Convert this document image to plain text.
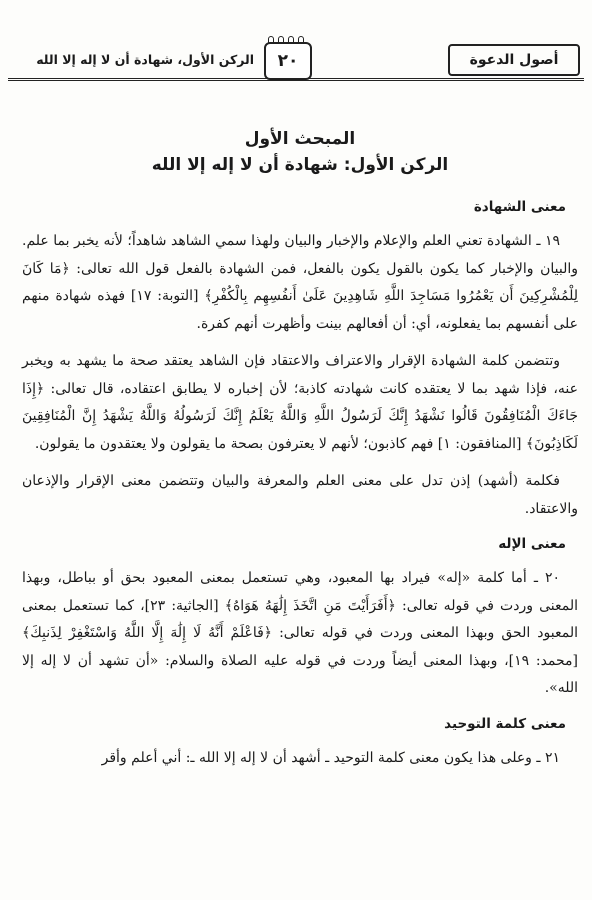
أصول الدعوة
٢٠
الركن الأول، شهادة أن لا إله إلا الله
المبحث الأول
الركن الأول: شهادة أن لا إله إلا الله
معنى الشهادة

١٩ ـ الشهادة تعني العلم والإعلام والإخبار والبيان ولهذا سمي الشاهد شاهداً؛ لأنه يخبر بما علم. والبيان والإخبار كما يكون بالقول يكون بالفعل، فمن الشهادة بالفعل قول الله تعالى: ﴿مَا كَانَ لِلْمُشْرِكِينَ أَن يَعْمُرُوا مَسَاجِدَ اللَّهِ شَاهِدِينَ عَلَىٰ أَنفُسِهِم بِالْكُفْرِ﴾ [التوبة: ١٧] فهذه شهادة منهم على أنفسهم بما يفعلونه، أي: أن أفعالهم بينت وأظهرت أنهم كفرة.

وتتضمن كلمة الشهادة الإقرار والاعتراف والاعتقاد فإن الشاهد يعتقد صحة ما يشهد به ويخبر عنه، فإذا شهد بما لا يعتقده كانت شهادته كاذبة؛ لأن إخباره لا يطابق اعتقاده، قال تعالى: ﴿إِذَا جَاءَكَ الْمُنَافِقُونَ قَالُوا نَشْهَدُ إِنَّكَ لَرَسُولُ اللَّهِ وَاللَّهُ يَعْلَمُ إِنَّكَ لَرَسُولُهُ وَاللَّهُ يَشْهَدُ إِنَّ الْمُنَافِقِينَ لَكَاذِبُونَ﴾ [المنافقون: ١] فهم كاذبون؛ لأنهم لا يعترفون بصحة ما يقولون ولا يعتقدون ما يقولون.

فكلمة (أشهد) إذن تدل على معنى العلم والمعرفة والبيان وتتضمن معنى الإقرار والإذعان والاعتقاد.

معنى الإله

٢٠ ـ أما كلمة «إله» فيراد بها المعبود، وهي تستعمل بمعنى المعبود بحق أو بباطل، وبهذا المعنى وردت في قوله تعالى: ﴿أَفَرَأَيْتَ مَنِ اتَّخَذَ إِلَٰهَهُ هَوَاهُ﴾ [الجاثية: ٢٣]، كما تستعمل بمعنى المعبود الحق وبهذا المعنى وردت في قوله تعالى: ﴿فَاعْلَمْ أَنَّهُ لَا إِلَٰهَ إِلَّا اللَّهُ وَاسْتَغْفِرْ لِذَنبِكَ﴾ [محمد: ١٩]، وبهذا المعنى أيضاً وردت في قوله عليه الصلاة والسلام: «أن تشهد أن لا إله إلا الله».

معنى كلمة التوحيد

٢١ ـ وعلى هذا يكون معنى كلمة التوحيد ـ أشهد أن لا إله إلا الله ـ: أني أعلم وأقر
